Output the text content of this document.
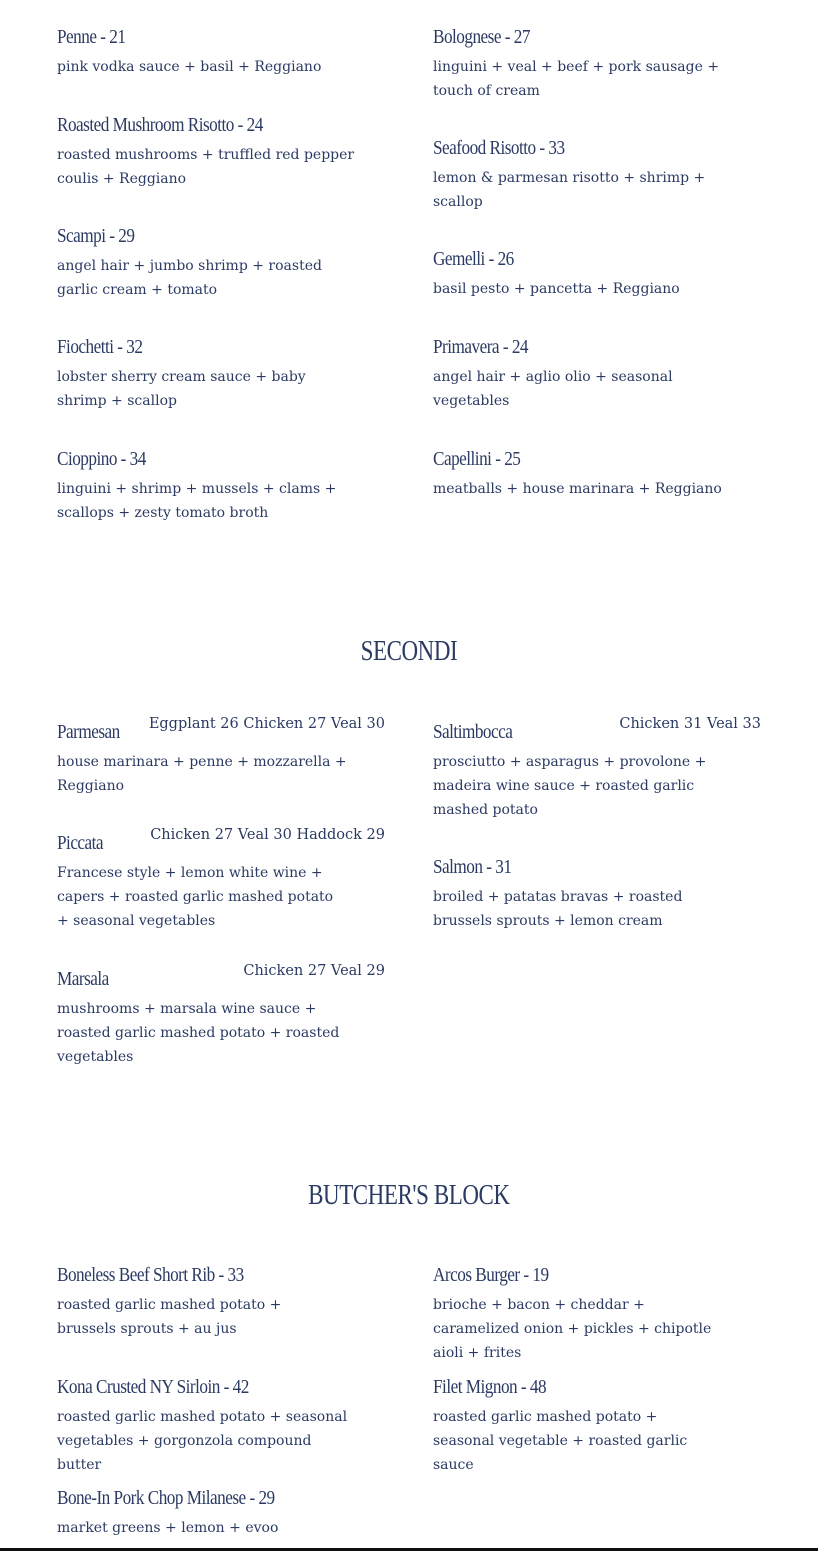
Penne - 21
pink vodka sauce + basil + Reggiano
Roasted Mushroom Risotto - 24
roasted mushrooms + truffled red pepper coulis + Reggiano
Scampi - 29
angel hair + jumbo shrimp + roasted garlic cream + tomato
Fiochetti - 32
lobster sherry cream sauce + baby shrimp + scallop
Cioppino - 34
linguini + shrimp + mussels + clams + scallops + zesty tomato broth
Bolognese - 27
linguini + veal + beef + pork sausage + touch of cream
Seafood Risotto - 33
lemon & parmesan risotto + shrimp + scallop
Gemelli - 26
basil pesto + pancetta + Reggiano
Primavera - 24
angel hair + aglio olio + seasonal vegetables
Capellini - 25
meatballs + house marinara + Reggiano
SECONDI
Parmesan	Eggplant 26 Chicken 27 Veal 30
house marinara + penne + mozzarella + Reggiano
Piccata	Chicken 27 Veal 30 Haddock 29
Francese style + lemon white wine + capers + roasted garlic mashed potato + seasonal vegetables
Marsala	Chicken 27 Veal 29
mushrooms + marsala wine sauce + roasted garlic mashed potato + roasted vegetables
Saltimbocca	Chicken 31 Veal 33
prosciutto + asparagus + provolone + madeira wine sauce + roasted garlic mashed potato
Salmon - 31
broiled + patatas bravas + roasted brussels sprouts + lemon cream
BUTCHER'S BLOCK
Boneless Beef Short Rib - 33
roasted garlic mashed potato + brussels sprouts + au jus
Kona Crusted NY Sirloin - 42
roasted garlic mashed potato + seasonal vegetables + gorgonzola compound butter
Bone-In Pork Chop Milanese - 29
market greens + lemon + evoo
Arcos Burger - 19
brioche + bacon + cheddar + caramelized onion + pickles + chipotle aioli + frites
Filet Mignon - 48
roasted garlic mashed potato + seasonal vegetable + roasted garlic sauce
